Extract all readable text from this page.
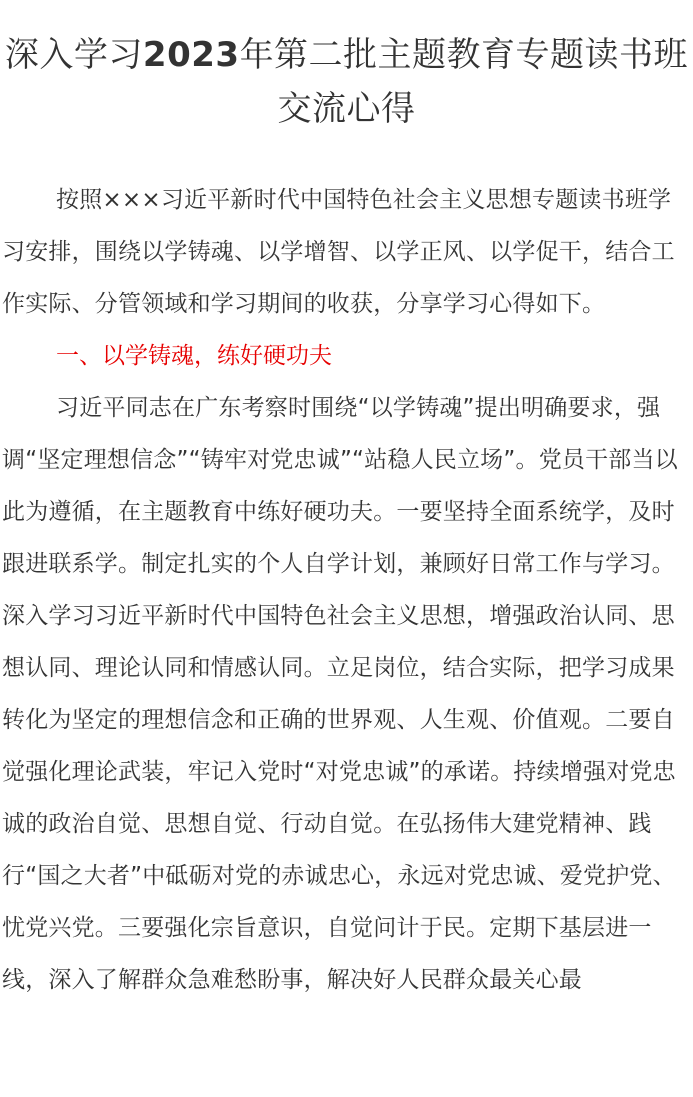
深入学习2023年第二批主题教育专题读书班交流心得

按照×××习近平新时代中国特色社会主义思想专题读书班学习安排，围绕以学铸魂、以学增智、以学正风、以学促干，结合工作实际、分管领域和学习期间的收获，分享学习心得如下。

一、以学铸魂，练好硬功夫

习近平同志在广东考察时围绕“以学铸魂”提出明确要求，强调“坚定理想信念”“铸牢对党忠诚”“站稳人民立场”。党员干部当以此为遵循，在主题教育中练好硬功夫。一要坚持全面系统学，及时跟进联系学。制定扎实的个人自学计划，兼顾好日常工作与学习。深入学习习近平新时代中国特色社会主义思想，增强政治认同、思想认同、理论认同和情感认同。立足岗位，结合实际，把学习成果转化为坚定的理想信念和正确的世界观、人生观、价值观。二要自觉强化理论武装，牢记入党时“对党忠诚”的承诺。持续增强对党忠诚的政治自觉、思想自觉、行动自觉。在弘扬伟大建党精神、践行“国之大者”中砥砺对党的赤诚忠心，永远对党忠诚、爱党护党、忧党兴党。三要强化宗旨意识，自觉问计于民。定期下基层进一线，深入了解群众急难愁盼事，解决好人民群众最关心最
